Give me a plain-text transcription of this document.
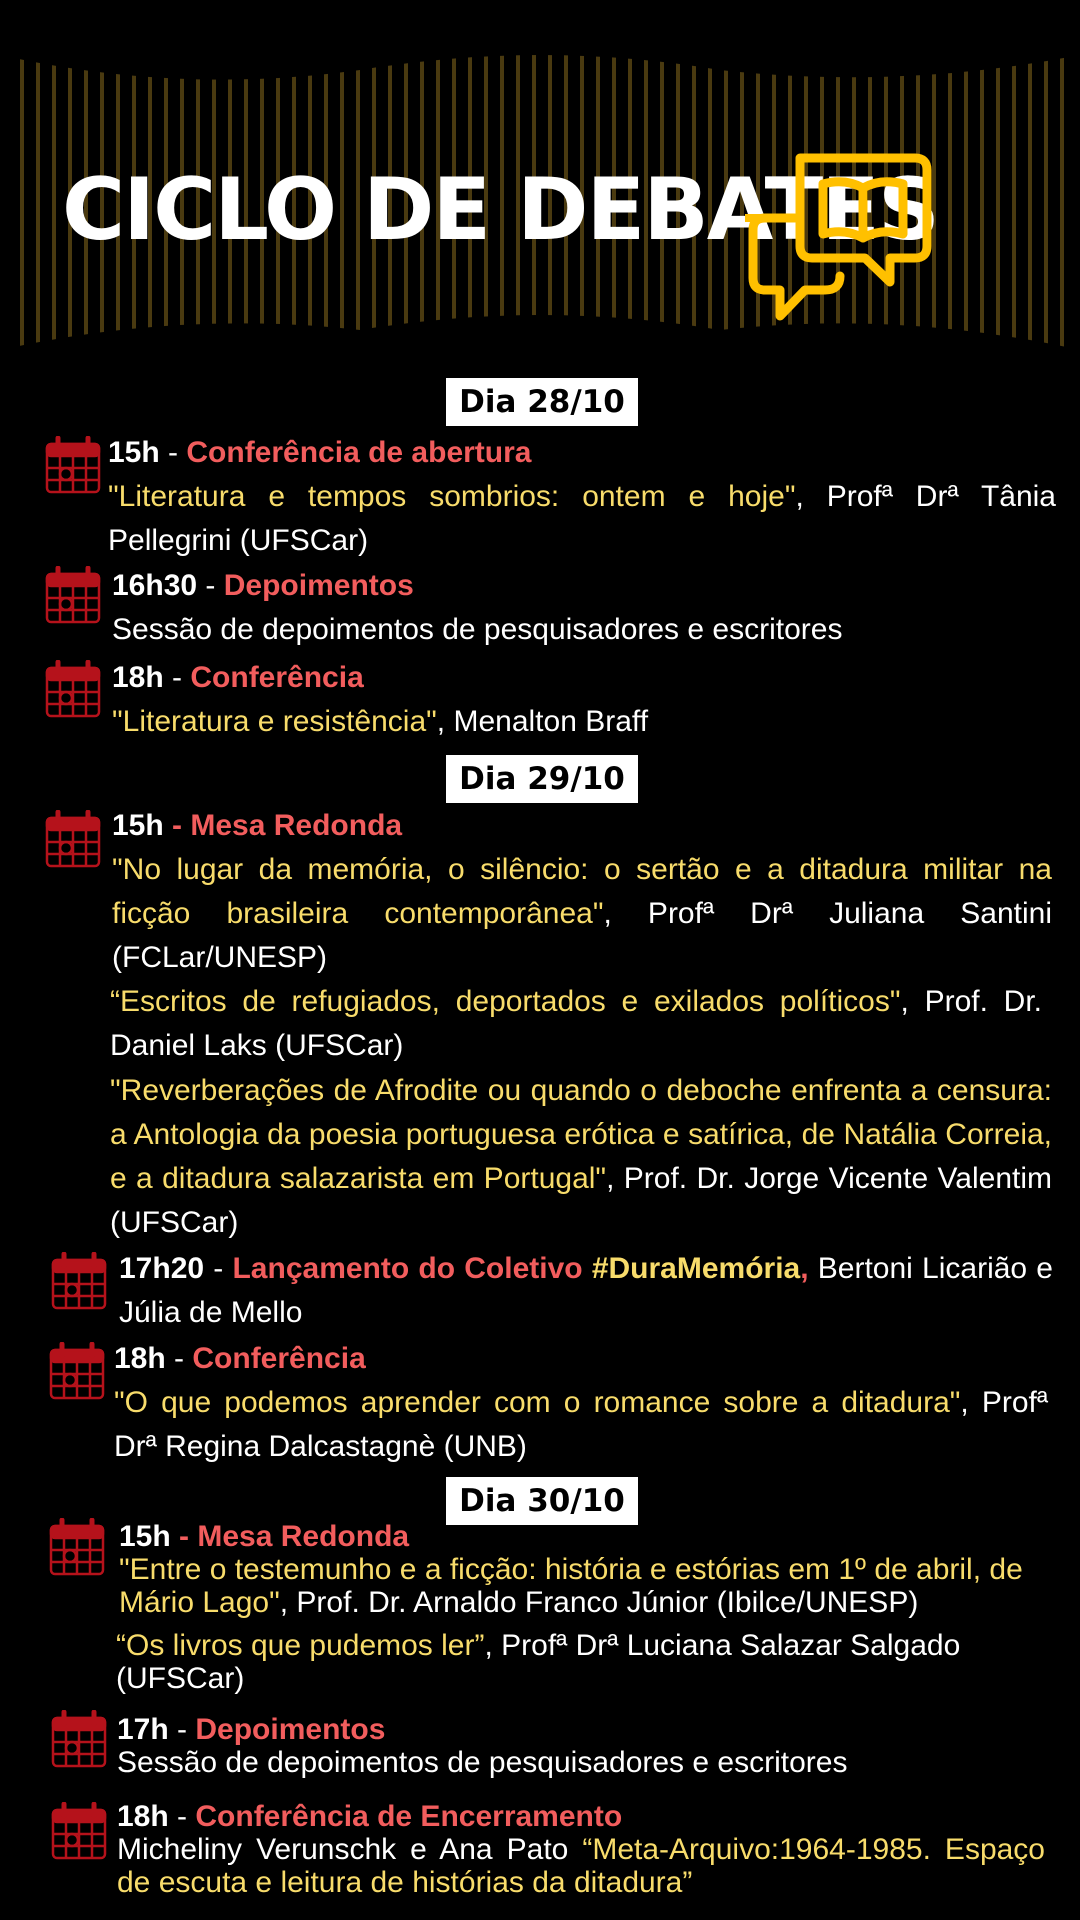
CICLO DE DEBATES
Dia 28/10
Dia 29/10
Dia 30/10

15h - Conferência de abertura

"Literatura e tempos sombrios: ontem e hoje", Profª Drª Tânia Pellegrini (UFSCar)

16h30 - Depoimentos

Sessão de depoimentos de pesquisadores e escritores

18h - Conferência

"Literatura e resistência", Menalton Braff

15h - Mesa Redonda

"No lugar da memória, o silêncio: o sertão e a ditadura militar na ficção brasileira contemporânea", Profª Drª Juliana Santini (FCLar/UNESP)

“Escritos de refugiados, deportados e exilados políticos", Prof. Dr. Daniel Laks (UFSCar)

"Reverberações de Afrodite ou quando o deboche enfrenta a censura: a Antologia da poesia portuguesa erótica e satírica, de Natália Correia, e a ditadura salazarista em Portugal", Prof. Dr. Jorge Vicente Valentim (UFSCar)

17h20 - Lançamento do Coletivo #DuraMemória, Bertoni Licarião e Júlia de Mello

18h - Conferência

"O que podemos aprender com o romance sobre a ditadura", Profª Drª Regina Dalcastagnè (UNB)

15h - Mesa Redonda

"Entre o testemunho e a ficção: história e estórias em 1º de abril, de Mário Lago", Prof. Dr. Arnaldo Franco Júnior (Ibilce/UNESP)

“Os livros que pudemos ler”, Profª Drª Luciana Salazar Salgado (UFSCar)

17h - Depoimentos

Sessão de depoimentos de pesquisadores e escritores

18h - Conferência de Encerramento

Micheliny Verunschk e Ana Pato “Meta-Arquivo:1964-1985. Espaço de escuta e leitura de histórias da ditadura”
